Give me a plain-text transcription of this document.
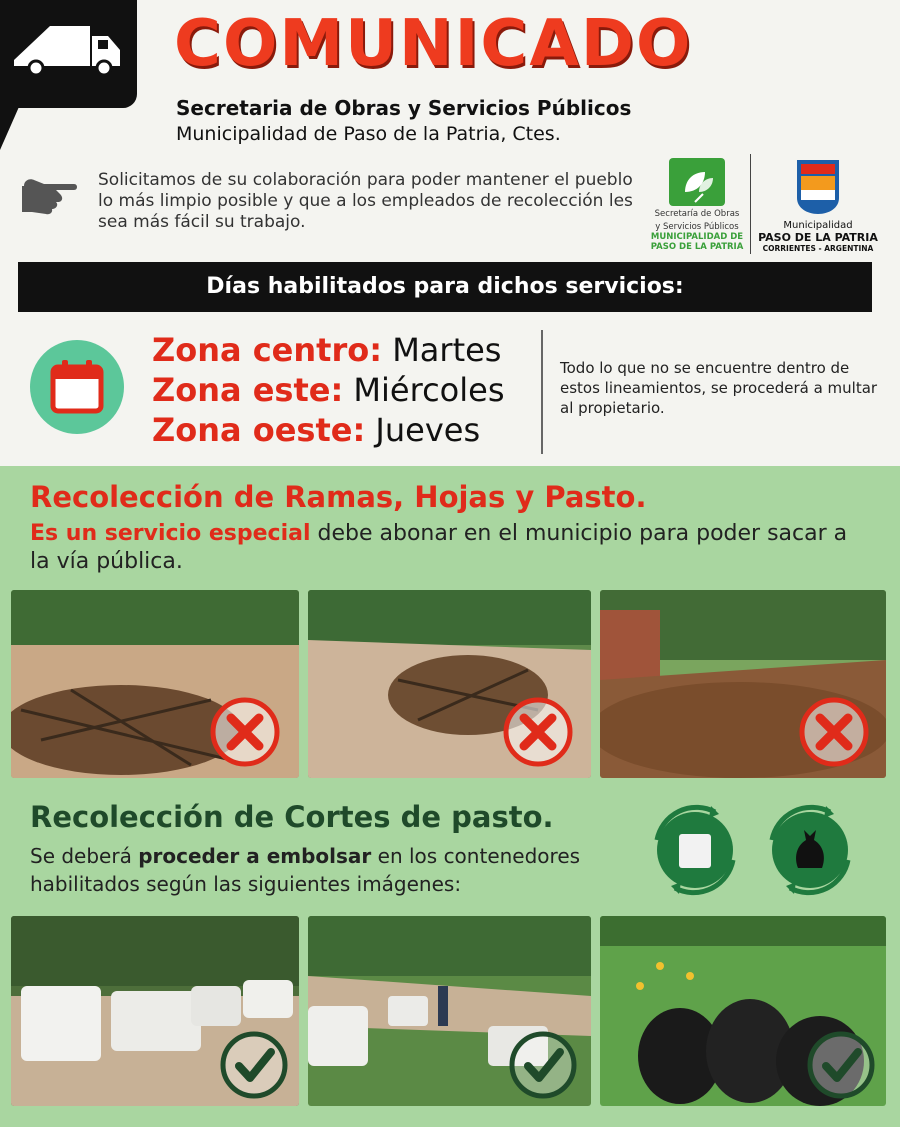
COMUNICADO
Secretaria de Obras y Servicios Públicos
Municipalidad de Paso de la Patria, Ctes.
Solicitamos de su colaboración para poder mantener el pueblo lo más limpio posible y que a los empleados de recolección les sea más fácil su trabajo.	Secretaría de Obras
y Servicios Públicos
MUNICIPALIDAD DE
PASO DE LA PATRIA
Municipalidad
PASO DE LA PATRIA
CORRIENTES - ARGENTINA
Días habilitados para dichos servicios:
Zona centro: Martes
Zona este: Miércoles
Zona oeste: Jueves
Todo lo que no se encuentre dentro de estos lineamientos, se procederá a multar al propietario.
Recolección de Ramas, Hojas y Pasto.
Es un servicio especial debe abonar en el municipio para poder sacar a la vía pública.
Recolección de Cortes de pasto.
Se deberá proceder a embolsar en los contenedores habilitados según las siguientes imágenes:
